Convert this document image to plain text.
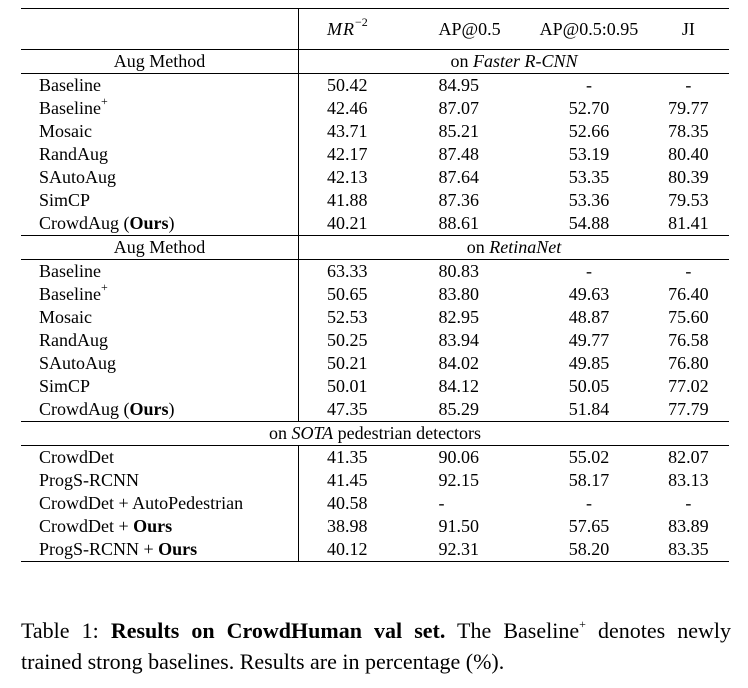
	$MR^{-2}$	AP@0.5	AP@0.5:0.95	JI
Aug Method	on Faster R-CNN			
Baseline	50.42	84.95	-	-
Baseline+	42.46	87.07	52.70	79.77
Mosaic	43.71	85.21	52.66	78.35
RandAug	42.17	87.48	53.19	80.40
SAutoAug	42.13	87.64	53.35	80.39
SimCP	41.88	87.36	53.36	79.53
CrowdAug (Ours)	40.21	88.61	54.88	81.41
Aug Method	on RetinaNet			
Baseline	63.33	80.83	-	-
Baseline+	50.65	83.80	49.63	76.40
Mosaic	52.53	82.95	48.87	75.60
RandAug	50.25	83.94	49.77	76.58
SAutoAug	50.21	84.02	49.85	76.80
SimCP	50.01	84.12	50.05	77.02
CrowdAug (Ours)	47.35	85.29	51.84	77.79
on SOTA pedestrian detectors				
CrowdDet	41.35	90.06	55.02	82.07
ProgS-RCNN	41.45	92.15	58.17	83.13
CrowdDet + AutoPedestrian	40.58	-	-	-
CrowdDet + Ours	38.98	91.50	57.65	83.89
ProgS-RCNN + Ours	40.12	92.31	58.20	83.35
Table 1: Results on CrowdHuman val set. The Baseline+ denotes newly trained strong baselines. Results are in percentage (%).
